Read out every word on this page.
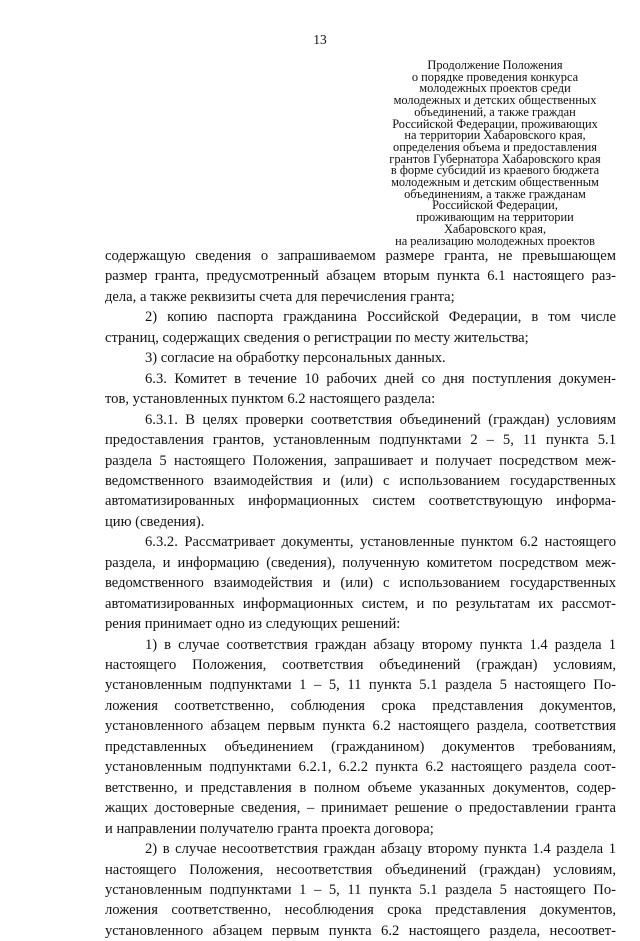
13
Продолжение Положения
о порядке проведения конкурса
молодежных проектов среди
молодежных и детских общественных
объединений, а также граждан
Российской Федерации, проживающих
на территории Хабаровского края,
определения объема и предоставления
грантов Губернатора Хабаровского края
в форме субсидий из краевого бюджета
молодежным и детским общественным
объединениям, а также гражданам
Российской Федерации,
проживающим на территории
Хабаровского края,
на реализацию молодежных проектов
содержащую сведения о запрашиваемом размере гранта, не превышающем
размер гранта, предусмотренный абзацем вторым пункта 6.1 настоящего раз-
дела, а также реквизиты счета для перечисления гранта;
2) копию паспорта гражданина Российской Федерации, в том числе
страниц, содержащих сведения о регистрации по месту жительства;
3) согласие на обработку персональных данных.
6.3. Комитет в течение 10 рабочих дней со дня поступления докумен-
тов, установленных пунктом 6.2 настоящего раздела:
6.3.1. В целях проверки соответствия объединений (граждан) условиям
предоставления грантов, установленным подпунктами 2 – 5, 11 пункта 5.1
раздела 5 настоящего Положения, запрашивает и получает посредством меж-
ведомственного взаимодействия и (или) с использованием государственных
автоматизированных информационных систем соответствующую информа-
цию (сведения).
6.3.2. Рассматривает документы, установленные пунктом 6.2 настоящего
раздела, и информацию (сведения), полученную комитетом посредством меж-
ведомственного взаимодействия и (или) с использованием государственных
автоматизированных информационных систем, и по результатам их рассмот-
рения принимает одно из следующих решений:
1) в случае соответствия граждан абзацу второму пункта 1.4 раздела 1
настоящего Положения, соответствия объединений (граждан) условиям,
установленным подпунктами 1 – 5, 11 пункта 5.1 раздела 5 настоящего По-
ложения соответственно, соблюдения срока представления документов,
установленного абзацем первым пункта 6.2 настоящего раздела, соответствия
представленных объединением (гражданином) документов требованиям,
установленным подпунктами 6.2.1, 6.2.2 пункта 6.2 настоящего раздела соот-
ветственно, и представления в полном объеме указанных документов, содер-
жащих достоверные сведения, – принимает решение о предоставлении гранта
и направлении получателю гранта проекта договора;
2) в случае несоответствия граждан абзацу второму пункта 1.4 раздела 1
настоящего Положения, несоответствия объединений (граждан) условиям,
установленным подпунктами 1 – 5, 11 пункта 5.1 раздела 5 настоящего По-
ложения соответственно, несоблюдения срока представления документов,
установленного абзацем первым пункта 6.2 настоящего раздела, несоответ-
